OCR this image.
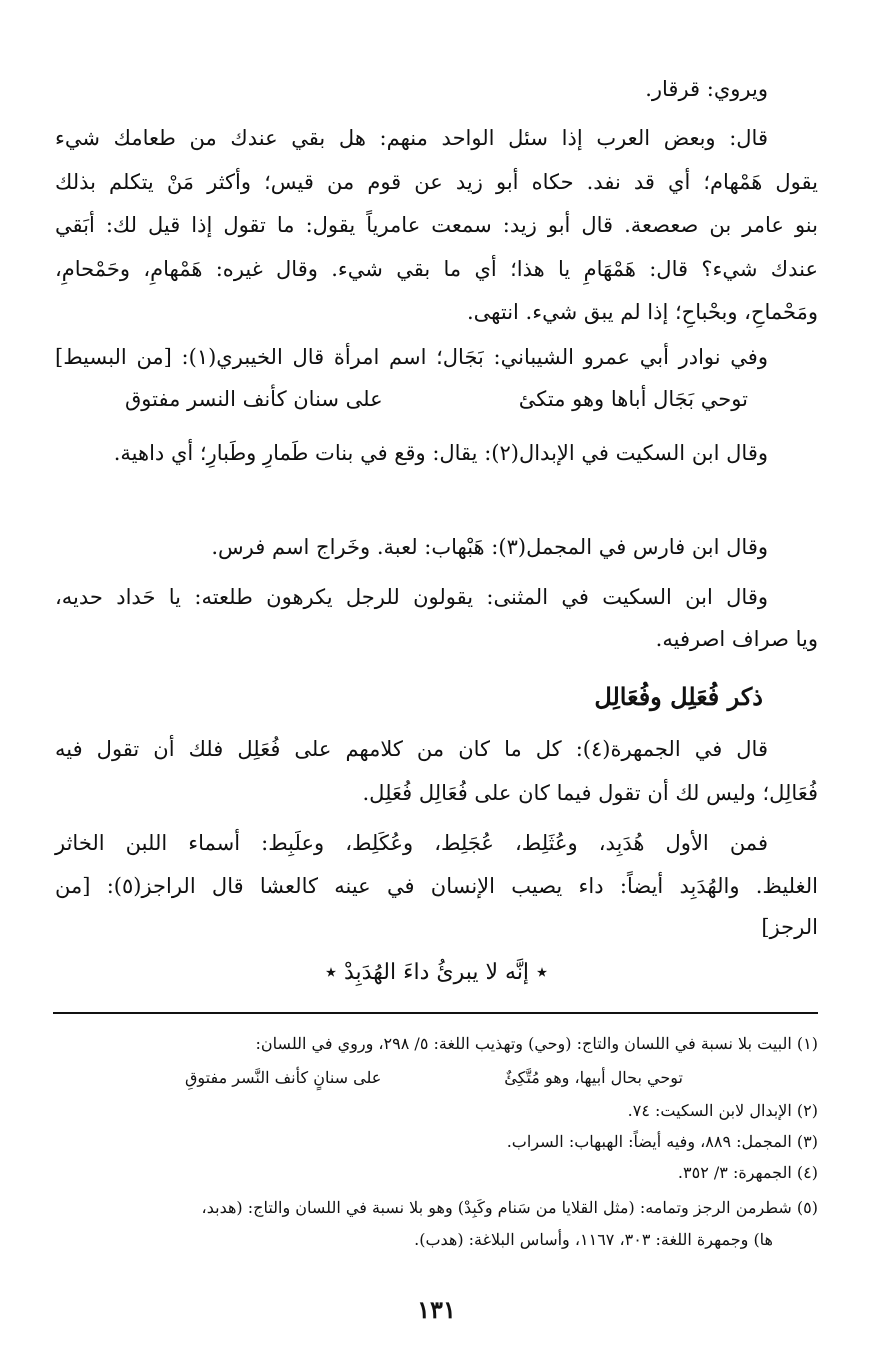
ويروي: قرقار.
قال: وبعض العرب إذا سئل الواحد منهم: هل بقي عندك من طعامك شيء
يقول هَمْهام؛ أي قد نفد. حكاه أبو زيد عن قوم من قيس؛ وأكثر مَنْ يتكلم بذلك
بنو عامر بن صعصعة. قال أبو زيد: سمعت عامرياً يقول: ما تقول إذا قيل لك: أبَقي
عندك شيء؟ قال: هَمْهَامِ يا هذا؛ أي ما بقي شيء. وقال غيره: هَمْهامِ، وحَمْحامِ،
ومَحْماحِ، وبحْباحِ؛ إذا لم يبق شيء. انتهى.
وفي نوادر أبي عمرو الشيباني: بَجَال؛ اسم امرأة قال الخيبري(١): [من البسيط]
توحي بَجَال أباها وهو متكئ
على سنان كأنف النسر مفتوق
وقال ابن السكيت في الإبدال(٢): يقال: وقع في بنات طَمارِ وطَبارِ؛ أي داهية.
وقال ابن فارس في المجمل(٣): هَبْهاب: لعبة. وخَراج اسم فرس.
وقال ابن السكيت في المثنى: يقولون للرجل يكرهون طلعته: يا حَداد حديه،
ويا صراف اصرفيه.
ذكر فُعَلِل وفُعَالِل
قال في الجمهرة(٤): كل ما كان من كلامهم على فُعَلِل فلك أن تقول فيه
فُعَالِل؛ وليس لك أن تقول فيما كان على فُعَالِل فُعَلِل.
فمن الأول هُدَبِد، وعُثَلِط، عُجَلِط، وعُكَلِط، وعلَبِط: أسماء اللبن الخاثر
الغليظ. والهُدَبِد أيضاً: داء يصيب الإنسان في عينه كالعشا قال الراجز(٥): [من
الرجز]
٭ إنَّه لا يبرئُ داءَ الهُدَبِدْ ٭
(١) البيت بلا نسبة في اللسان والتاج: (وحي) وتهذيب اللغة: ٥/ ٢٩٨، وروي في اللسان:
توحي بحال أبيها، وهو مُتَّكِئٌ
على سنانٍ كأنف النَّسر مفتوقِ
(٢) الإبدال لابن السكيت: ٧٤.
(٣) المجمل: ٨٨٩، وفيه أيضاً: الهبهاب: السراب.
(٤) الجمهرة: ٣/ ٣٥٢.
(٥) شطرمن الرجز وتمامه: (مثل القلايا من سَنام وكَبِدْ) وهو بلا نسبة في اللسان والتاج: (هدبد،
ها) وجمهرة اللغة: ٣٠٣، ١١٦٧، وأساس البلاغة: (هدب).
١٣١
